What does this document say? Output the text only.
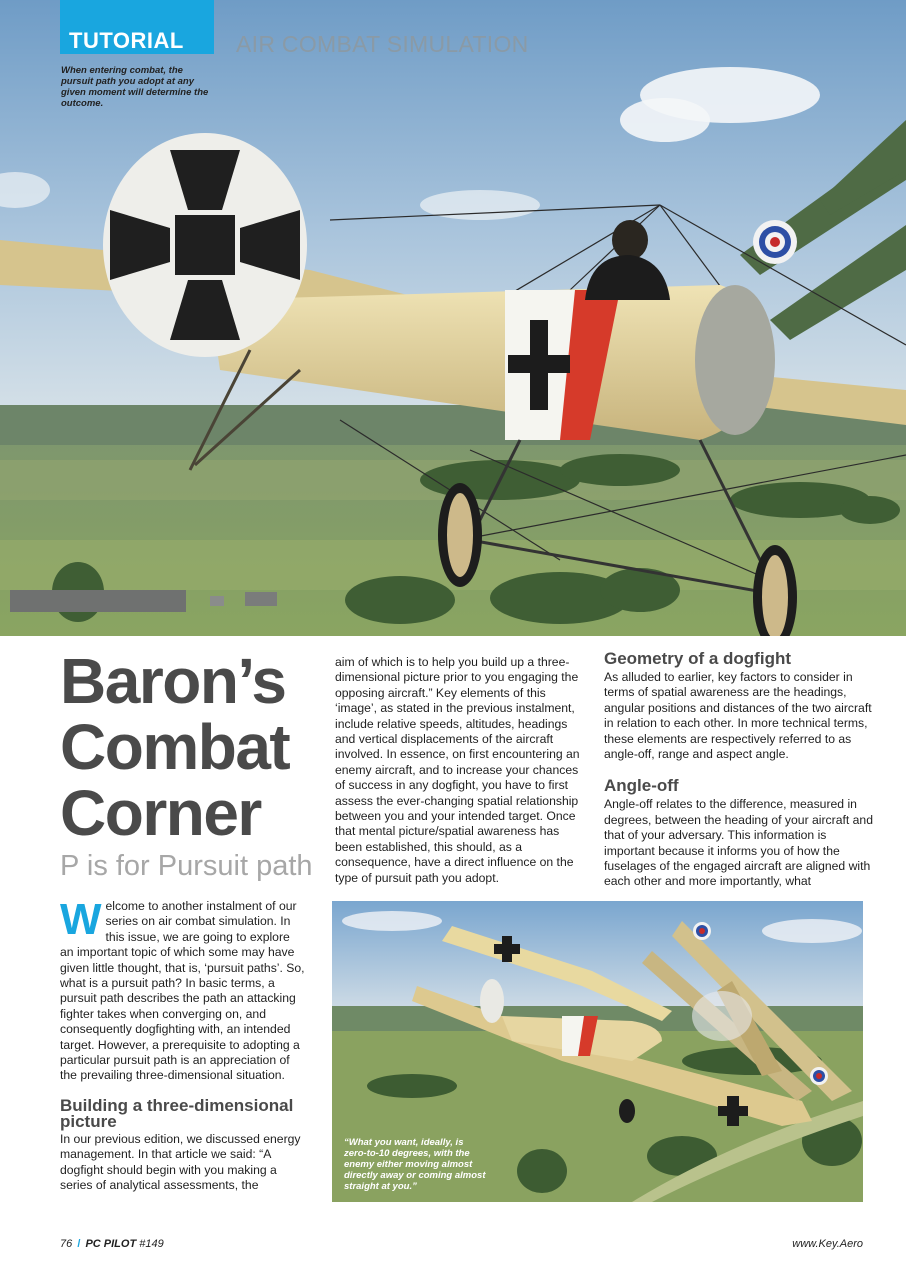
TUTORIAL AIR COMBAT SIMULATION
When entering combat, the pursuit path you adopt at any given moment will determine the outcome.
Baron’s
Combat
Corner
P is for Pursuit path

Welcome to another instalment of our series on air combat simulation. In this issue, we are going to explore an important topic of which some may have given little thought, that is, ‘pursuit paths’. So, what is a pursuit path? In basic terms, a pursuit path describes the path an attacking fighter takes when converging on, and consequently dogfighting with, an intended target. However, a prerequisite to adopting a particular pursuit path is an appreciation of the prevailing three-dimensional situation.

Building a three-dimensional picture

In our previous edition, we discussed energy management. In that article we said: “A dogfight should begin with you making a series of analytical assessments, the

aim of which is to help you build up a three-dimensional picture prior to you engaging the opposing aircraft.” Key elements of this ‘image’, as stated in the previous instalment, include relative speeds, altitudes, headings and vertical displacements of the aircraft involved. In essence, on first encountering an enemy aircraft, and to increase your chances of success in any dogfight, you have to first assess the ever-changing spatial relationship between you and your intended target. Once that mental picture/spatial awareness has been established, this should, as a consequence, have a direct influence on the type of pursuit path you adopt.

Geometry of a dogfight

As alluded to earlier, key factors to consider in terms of spatial awareness are the headings, angular positions and distances of the two aircraft in relation to each other. In more technical terms, these elements are respectively referred to as angle-off, range and aspect angle.

Angle-off

Angle-off relates to the difference, measured in degrees, between the heading of your aircraft and that of your adversary. This information is important because it informs you of how the fuselages of the engaged aircraft are aligned with each other and more importantly, what

“What you want, ideally, is zero-to-10 degrees, with the enemy either moving almost directly away or coming almost straight at you.”
76 / PC PILOT #149	www.Key.Aero
